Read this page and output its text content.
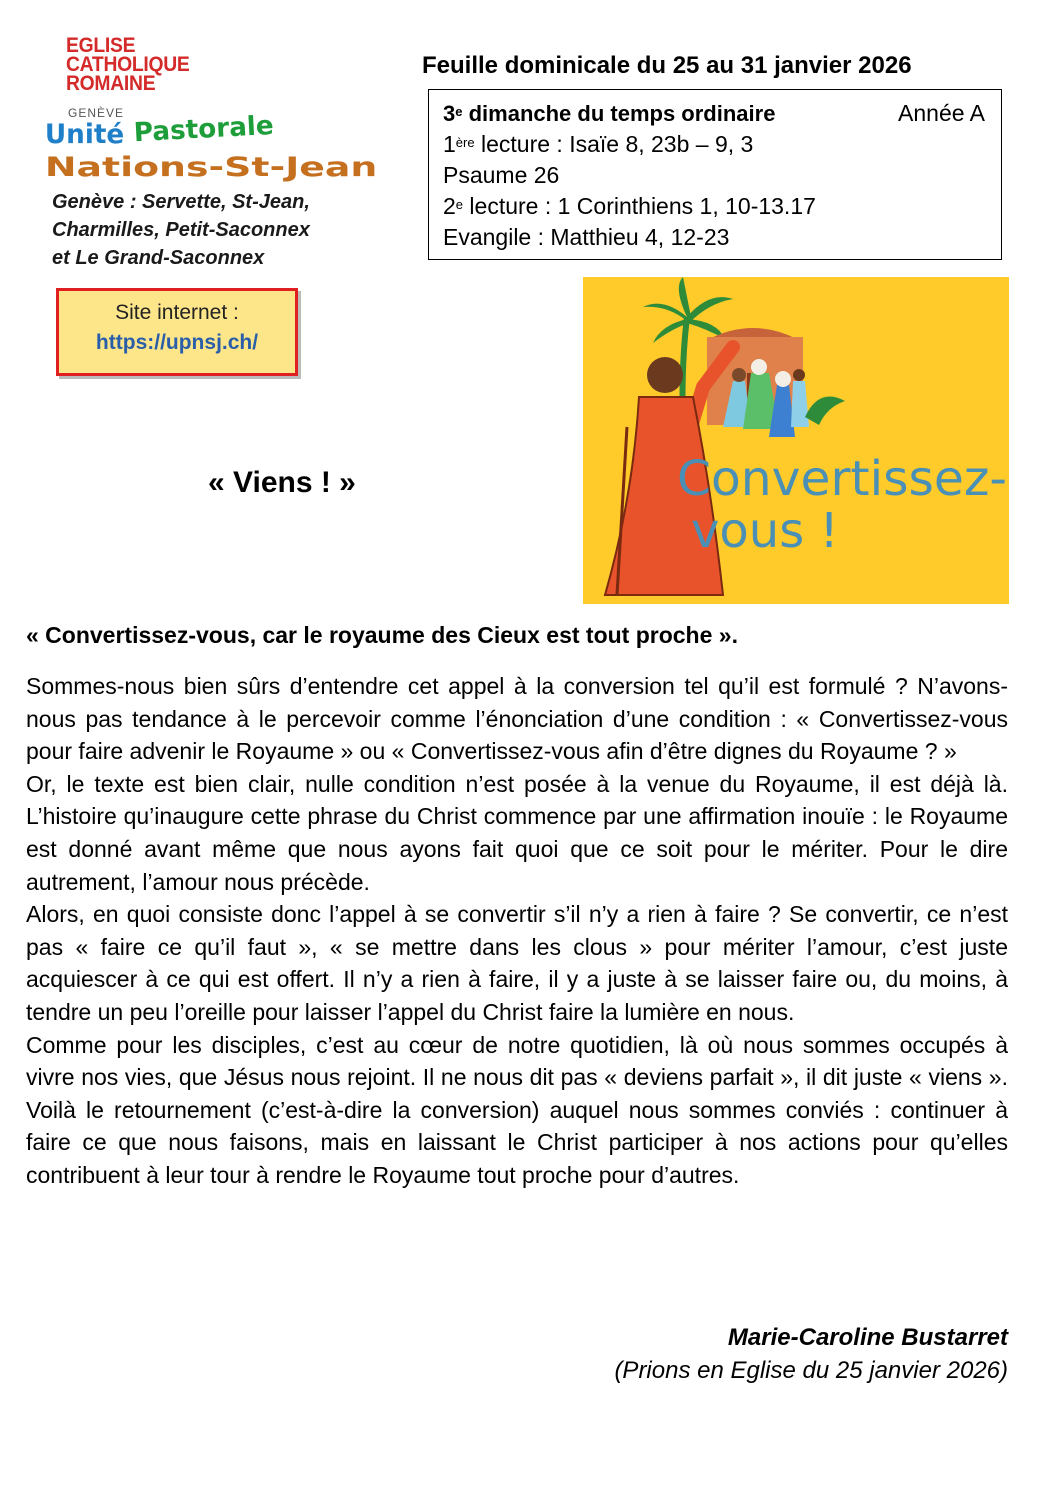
EGLISE
CATHOLIQUE
ROMAINE
GENÈVE
Unité Pastorale
Nations-St-Jean
Genève : Servette, St-Jean,
Charmilles, Petit-Saconnex
et Le Grand-Saconnex
Site internet :
https://upnsj.ch/
Feuille dominicale du 25 au 31 janvier 2026
3e dimanche du temps ordinaire	Année A
1ère lecture : Isaïe 8, 23b – 9, 3
Psaume 26
2e lecture : 1 Corinthiens 1, 10-13.17
Evangile : Matthieu 4, 12-23
Convertissez-
vous !
« Viens ! »
« Convertissez-vous, car le royaume des Cieux est tout proche ».

Sommes-nous bien sûrs d’entendre cet appel à la conversion tel qu’il est formulé ? N’avons-nous pas tendance à le percevoir comme l’énonciation d’une condition : « Convertissez-vous pour faire advenir le Royaume » ou « Convertissez-vous afin d’être dignes du Royaume ? »

Or, le texte est bien clair, nulle condition n’est posée à la venue du Royaume, il est déjà là. L’histoire qu’inaugure cette phrase du Christ commence par une affirmation inouïe : le Royaume est donné avant même que nous ayons fait quoi que ce soit pour le mériter. Pour le dire autrement, l’amour nous précède.

Alors, en quoi consiste donc l’appel à se convertir s’il n’y a rien à faire ? Se convertir, ce n’est pas « faire ce qu’il faut », « se mettre dans les clous » pour mériter l’amour, c’est juste acquiescer à ce qui est offert. Il n’y a rien à faire, il y a juste à se laisser faire ou, du moins, à tendre un peu l’oreille pour laisser l’appel du Christ faire la lumière en nous.

Comme pour les disciples, c’est au cœur de notre quotidien, là où nous sommes occupés à vivre nos vies, que Jésus nous rejoint. Il ne nous dit pas « deviens parfait », il dit juste « viens ». Voilà le retournement (c’est-à-dire la conversion) auquel nous sommes conviés : continuer à faire ce que nous faisons, mais en laissant le Christ participer à nos actions pour qu’elles contribuent à leur tour à rendre le Royaume tout proche pour d’autres.

Marie-Caroline Bustarret
(Prions en Eglise du 25 janvier 2026)
